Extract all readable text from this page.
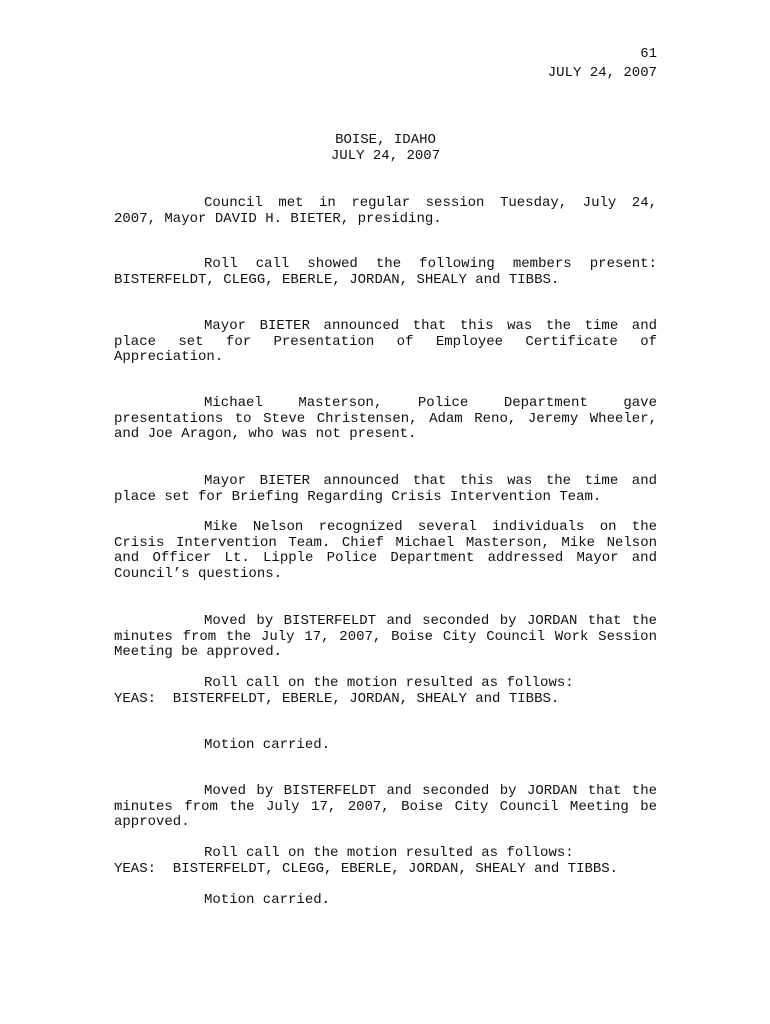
61
JULY 24, 2007
BOISE, IDAHO
JULY 24, 2007

Council met in regular session Tuesday, July 24, 2007, Mayor DAVID H. BIETER, presiding.

Roll call showed the following members present: BISTERFELDT, CLEGG, EBERLE, JORDAN, SHEALY and TIBBS.

Mayor BIETER announced that this was the time and place set for Presentation of Employee Certificate of Appreciation.

Michael Masterson, Police Department gave presentations to Steve Christensen, Adam Reno, Jeremy Wheeler, and Joe Aragon, who was not present.

Mayor BIETER announced that this was the time and place set for Briefing Regarding Crisis Intervention Team.

Mike Nelson recognized several individuals on the Crisis Intervention Team. Chief Michael Masterson, Mike Nelson and Officer Lt. Lipple Police Department addressed Mayor and Council’s questions.

Moved by BISTERFELDT and seconded by JORDAN that the minutes from the July 17, 2007, Boise City Council Work Session Meeting be approved.

Roll call on the motion resulted as follows:

YEAS:  BISTERFELDT, EBERLE, JORDAN, SHEALY and TIBBS.

Motion carried.

Moved by BISTERFELDT and seconded by JORDAN that the minutes from the July 17, 2007, Boise City Council Meeting be approved.

Roll call on the motion resulted as follows:

YEAS:  BISTERFELDT, CLEGG, EBERLE, JORDAN, SHEALY and TIBBS.

Motion carried.
